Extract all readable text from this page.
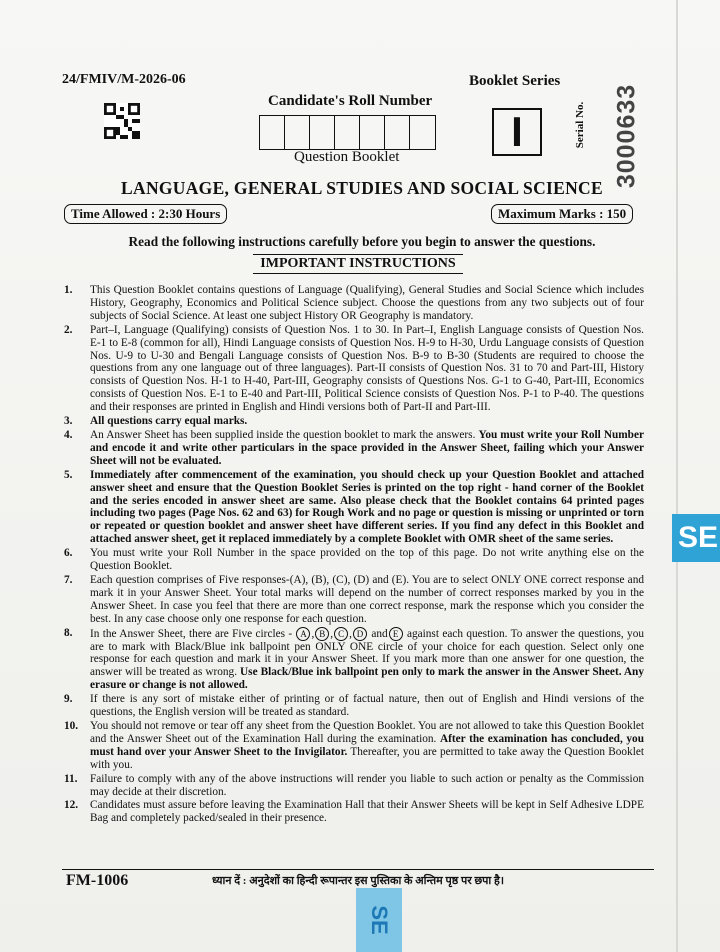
24/FMIV/M-2026-06	Booklet Series
Candidate's Roll Number
Question Booklet
I	Serial No. 3000633
LANGUAGE, GENERAL STUDIES AND SOCIAL SCIENCE
Time Allowed : 2:30 Hours	Maximum Marks : 150
Read the following instructions carefully before you begin to answer the questions.
IMPORTANT INSTRUCTIONS
1.	This Question Booklet contains questions of Language (Qualifying), General Studies and Social Science which includes History, Geography, Economics and Political Science subject. Choose the questions from any two subjects out of four subjects of Social Science. At least one subject History OR Geography is mandatory.
2.	Part–I, Language (Qualifying) consists of Question Nos. 1 to 30. In Part–I, English Language consists of Question Nos. E-1 to E-8 (common for all), Hindi Language consists of Question Nos. H-9 to H-30, Urdu Language consists of Question Nos. U-9 to U-30 and Bengali Language consists of Question Nos. B-9 to B-30 (Students are required to choose the questions from any one language out of three languages). Part-II consists of Question Nos. 31 to 70 and Part-III, History consists of Question Nos. H-1 to H-40, Part-III, Geography consists of Questions Nos. G-1 to G-40, Part-III, Economics consists of Question Nos. E-1 to E-40 and Part-III, Political Science consists of Question Nos. P-1 to P-40. The questions and their responses are printed in English and Hindi versions both of Part-II and Part-III.
3.	All questions carry equal marks.
4.	An Answer Sheet has been supplied inside the question booklet to mark the answers. You must write your Roll Number and encode it and write other particulars in the space provided in the Answer Sheet, failing which your Answer Sheet will not be evaluated.
5.	Immediately after commencement of the examination, you should check up your Question Booklet and attached answer sheet and ensure that the Question Booklet Series is printed on the top right - hand corner of the Booklet and the series encoded in answer sheet are same. Also please check that the Booklet contains 64 printed pages including two pages (Page Nos. 62 and 63) for Rough Work and no page or question is missing or unprinted or torn or repeated or question booklet and answer sheet have different series. If you find any defect in this Booklet and attached answer sheet, get it replaced immediately by a complete Booklet with OMR sheet of the same series.
6.	You must write your Roll Number in the space provided on the top of this page. Do not write anything else on the Question Booklet.
7.	Each question comprises of Five responses-(A), (B), (C), (D) and (E). You are to select ONLY ONE correct response and mark it in your Answer Sheet. Your total marks will depend on the number of correct responses marked by you in the Answer Sheet. In case you feel that there are more than one correct response, mark the response which you consider the best. In any case choose only one response for each question.
8.	In the Answer Sheet, there are Five circles - A , B , C , D and E against each question. To answer the questions, you are to mark with Black/Blue ink ballpoint pen ONLY ONE circle of your choice for each question. Select only one response for each question and mark it in your Answer Sheet. If you mark more than one answer for one question, the answer will be treated as wrong. Use Black/Blue ink ballpoint pen only to mark the answer in the Answer Sheet. Any erasure or change is not allowed.
9.	If there is any sort of mistake either of printing or of factual nature, then out of English and Hindi versions of the questions, the English version will be treated as standard.
10.	You should not remove or tear off any sheet from the Question Booklet. You are not allowed to take this Question Booklet and the Answer Sheet out of the Examination Hall during the examination. After the examination has concluded, you must hand over your Answer Sheet to the Invigilator. Thereafter, you are permitted to take away the Question Booklet with you.
11.	Failure to comply with any of the above instructions will render you liable to such action or penalty as the Commission may decide at their discretion.
12.	Candidates must assure before leaving the Examination Hall that their Answer Sheets will be kept in Self Adhesive LDPE Bag and completely packed/sealed in their presence.
FM-1006	ध्यान दें : अनुदेशों का हिन्दी रूपान्तर इस पुस्तिका के अन्तिम पृष्ठ पर छपा है।
SE
SE
